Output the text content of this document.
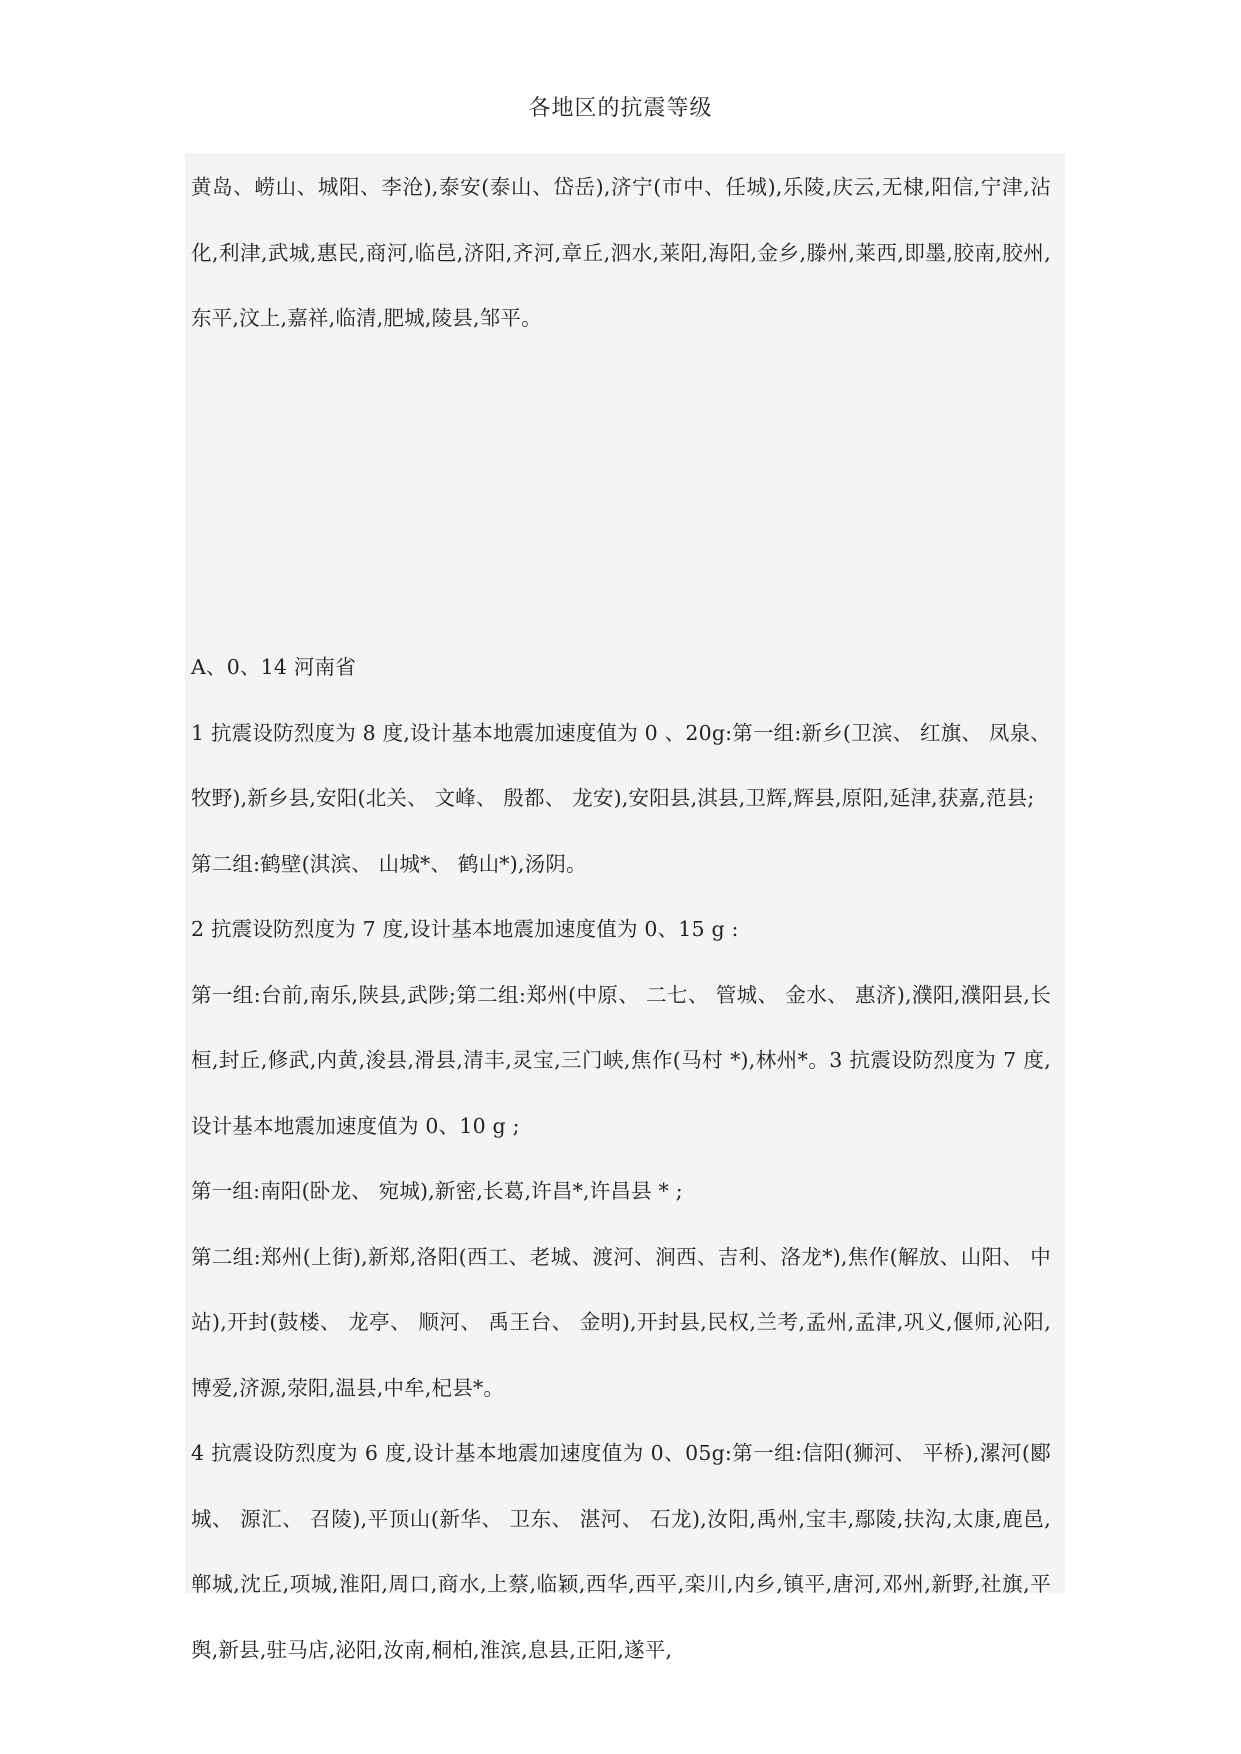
各地区的抗震等级

黄岛、崂山、城阳、李沧),泰安(泰山、岱岳),济宁(市中、任城),乐陵,庆云,无棣,阳信,宁津,沾化,利津,武城,惠民,商河,临邑,济阳,齐河,章丘,泗水,莱阳,海阳,金乡,滕州,莱西,即墨,胶南,胶州,东平,汶上,嘉祥,临清,肥城,陵县,邹平。

A、0、14 河南省

1 抗震设防烈度为 8 度,设计基本地震加速度值为 0 、20g:第一组:新乡(卫滨、 红旗、 凤泉、 牧野),新乡县,安阳(北关、 文峰、 殷都、 龙安),安阳县,淇县,卫辉,辉县,原阳,延津,获嘉,范县;

第二组:鹤壁(淇滨、 山城*、 鹤山*),汤阴。

2 抗震设防烈度为 7 度,设计基本地震加速度值为 0、15 g :

第一组:台前,南乐,陕县,武陟;第二组:郑州(中原、 二七、 管城、 金水、 惠济),濮阳,濮阳县,长桓,封丘,修武,内黄,浚县,滑县,清丰,灵宝,三门峡,焦作(马村 *),林州*。3 抗震设防烈度为 7 度,设计基本地震加速度值为 0、10 g ;

第一组:南阳(卧龙、 宛城),新密,长葛,许昌*,许昌县 * ;

第二组:郑州(上街),新郑,洛阳(西工、老城、渡河、涧西、吉利、洛龙*),焦作(解放、山阳、 中站),开封(鼓楼、 龙亭、 顺河、 禹王台、 金明),开封县,民权,兰考,孟州,孟津,巩义,偃师,沁阳,博爱,济源,荥阳,温县,中牟,杞县*。

4 抗震设防烈度为 6 度,设计基本地震加速度值为 0、05g:第一组:信阳(狮河、 平桥),漯河(郾城、 源汇、 召陵),平顶山(新华、 卫东、 湛河、 石龙),汝阳,禹州,宝丰,鄢陵,扶沟,太康,鹿邑,郸城,沈丘,项城,淮阳,周口,商水,上蔡,临颖,西华,西平,栾川,内乡,镇平,唐河,邓州,新野,社旗,平舆,新县,驻马店,泌阳,汝南,桐柏,淮滨,息县,正阳,遂平,
